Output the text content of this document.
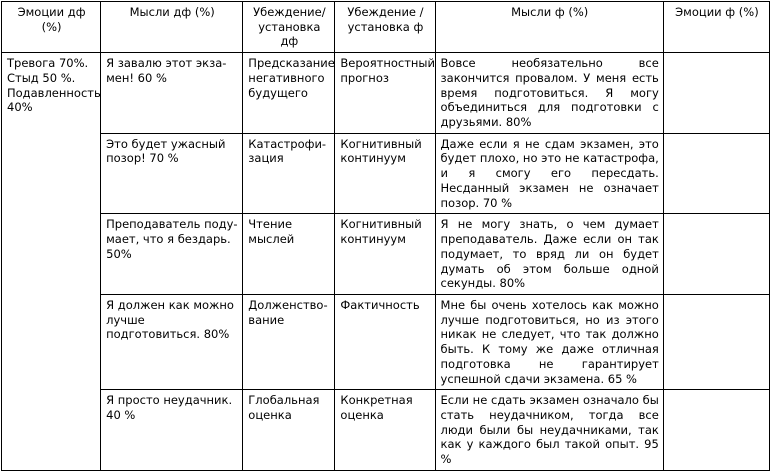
Эмоции дф (%)	Мысли дф (%)	Убеждение/ установка дф	Убеждение / установка ф	Мысли ф (%)	Эмоции ф (%)
Тревога 70%. Стыд 50 %. Подавленность 40%	Я завалю этот экзамен! 60 %	Предсказание негативного будущего	Вероятностный прогноз	Вовсе необязательно все закончится провалом. У меня есть время подготовиться. Я могу объединиться для подготовки с друзьями. 80%	
	Это будет ужасный позор! 70 %	Катастрофизация	Когнитивный континуум	Даже если я не сдам экзамен, это будет плохо, но это не катастрофа, и я смогу его пересдать. Несданный экзамен не означает позор. 70 %	
	Преподаватель подумает, что я бездарь. 50%	Чтение мыслей	Когнитивный континуум	Я не могу знать, о чем думает преподаватель. Даже если он так подумает, то вряд ли он будет думать об этом больше одной секунды. 80%	
	Я должен как можно лучше подготовиться. 80%	Долженствование	Фактичность	Мне бы очень хотелось как можно лучше подготовиться, но из этого никак не следует, что так должно быть. К тому же даже отличная подготовка не гарантирует успешной сдачи экзамена. 65 %	
	Я просто неудачник. 40 %	Глобальная оценка	Конкретная оценка	Если не сдать экзамен означало бы стать неудачником, тогда все люди были бы неудачниками, так как у каждого был такой опыт. 95 %	
